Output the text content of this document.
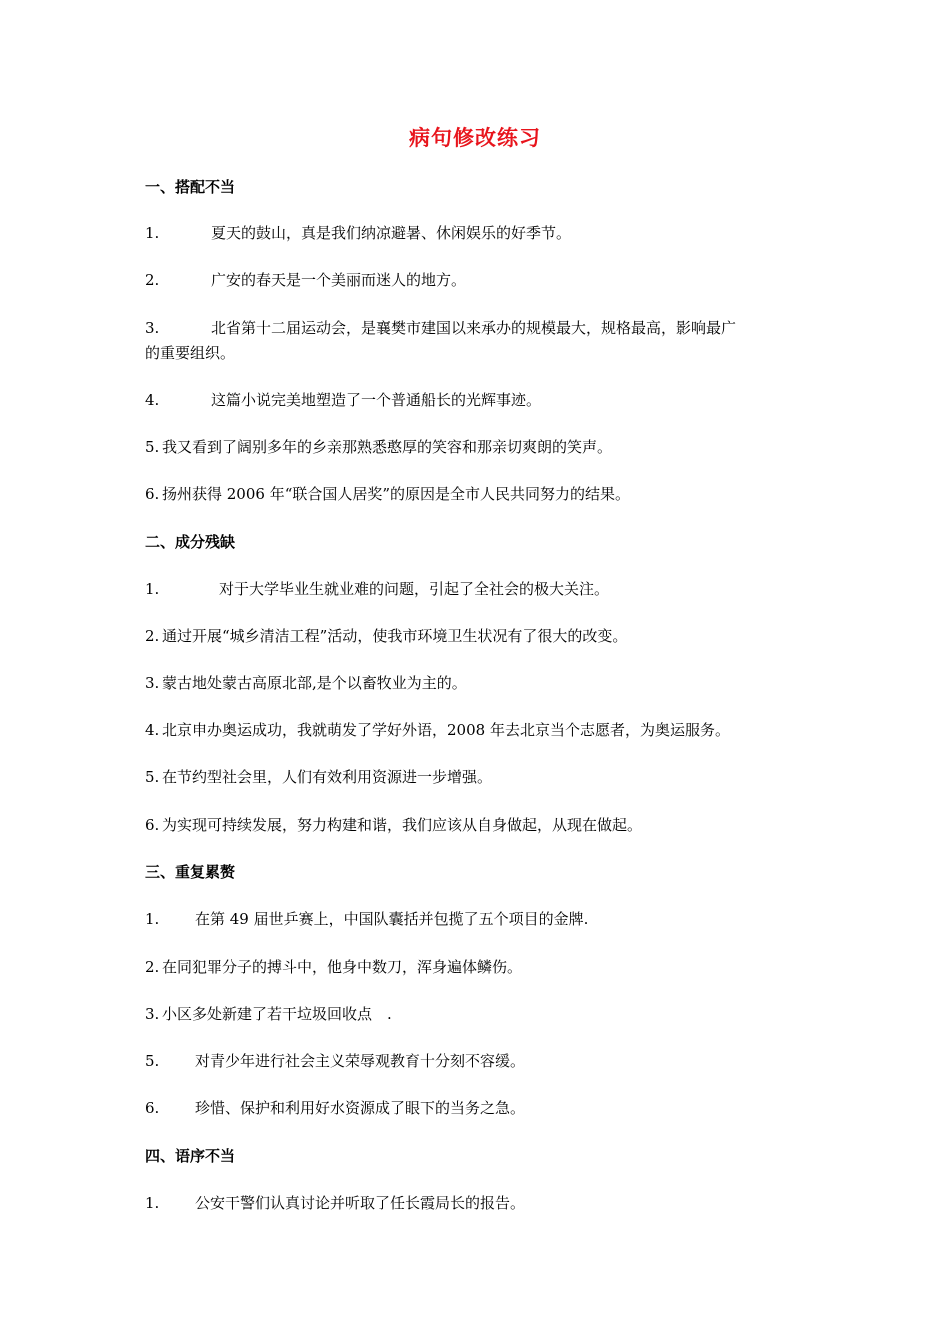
病句修改练习
一、搭配不当
1.	夏天的鼓山，真是我们纳凉避暑、休闲娱乐的好季节。
2.	广安的春天是一个美丽而迷人的地方。
3.	北省第十二届运动会，是襄樊市建国以来承办的规模最大，规格最高，影响最广
的重要组织。
4.	这篇小说完美地塑造了一个普通船长的光辉事迹。
5. 我又看到了阔别多年的乡亲那熟悉憨厚的笑容和那亲切爽朗的笑声。
6. 扬州获得 2006 年“联合国人居奖”的原因是全市人民共同努力的结果。
二、成分残缺
1.	对于大学毕业生就业难的问题，引起了全社会的极大关注。
2. 通过开展“城乡清洁工程”活动，使我市环境卫生状况有了很大的改变。
3. 蒙古地处蒙古高原北部,是个以畜牧业为主的。
4. 北京申办奥运成功，我就萌发了学好外语，2008 年去北京当个志愿者，为奥运服务。
5. 在节约型社会里，人们有效利用资源进一步增强。
6. 为实现可持续发展，努力构建和谐，我们应该从自身做起，从现在做起。
三、重复累赘
1. 在第 49 届世乒赛上，中国队囊括并包揽了五个项目的金牌.
2. 在同犯罪分子的搏斗中，他身中数刀，浑身遍体鳞伤。
3. 小区多处新建了若干垃圾回收点　.
5. 对青少年进行社会主义荣辱观教育十分刻不容缓。
6. 珍惜、保护和利用好水资源成了眼下的当务之急。
四、语序不当
1. 公安干警们认真讨论并听取了任长霞局长的报告。
